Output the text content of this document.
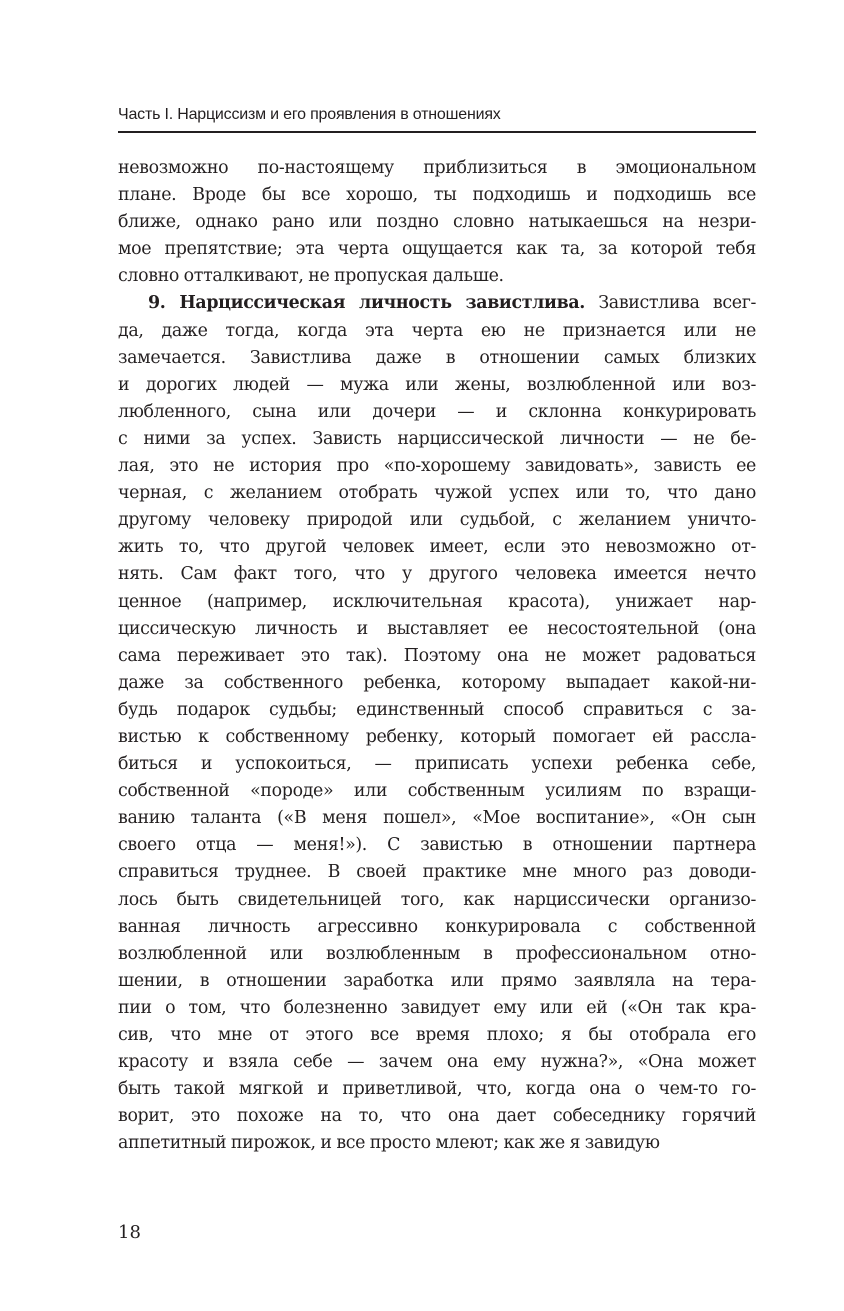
Часть I. Нарциссизм и его проявления в отношениях
невозможно по-настоящему приблизиться в эмоциональном
плане. Вроде бы все хорошо, ты подходишь и подходишь все
ближе, однако рано или поздно словно натыкаешься на незри-
мое препятствие; эта черта ощущается как та, за которой тебя
словно отталкивают, не пропуская дальше.
9. Нарциссическая личность завистлива. Завистлива всег-
да, даже тогда, когда эта черта ею не признается или не
замечается. Завистлива даже в отношении самых близких
и дорогих людей — мужа или жены, возлюбленной или воз-
любленного, сына или дочери — и склонна конкурировать
с ними за успех. Зависть нарциссической личности — не бе-
лая, это не история про «по-хорошему завидовать», зависть ее
черная, с желанием отобрать чужой успех или то, что дано
другому человеку природой или судьбой, с желанием уничто-
жить то, что другой человек имеет, если это невозможно от-
нять. Сам факт того, что у другого человека имеется нечто
ценное (например, исключительная красота), унижает нар-
циссическую личность и выставляет ее несостоятельной (она
сама переживает это так). Поэтому она не может радоваться
даже за собственного ребенка, которому выпадает какой-ни-
будь подарок судьбы; единственный способ справиться с за-
вистью к собственному ребенку, который помогает ей рассла-
биться и успокоиться, — приписать успехи ребенка себе,
собственной «породе» или собственным усилиям по взращи-
ванию таланта («В меня пошел», «Мое воспитание», «Он сын
своего отца — меня!»). С завистью в отношении партнера
справиться труднее. В своей практике мне много раз доводи-
лось быть свидетельницей того, как нарциссически организо-
ванная личность агрессивно конкурировала с собственной
возлюбленной или возлюбленным в профессиональном отно-
шении, в отношении заработка или прямо заявляла на тера-
пии о том, что болезненно завидует ему или ей («Он так кра-
сив, что мне от этого все время плохо; я бы отобрала его
красоту и взяла себе — зачем она ему нужна?», «Она может
быть такой мягкой и приветливой, что, когда она о чем-то го-
ворит, это похоже на то, что она дает собеседнику горячий
аппетитный пирожок, и все просто млеют; как же я завидую
18
